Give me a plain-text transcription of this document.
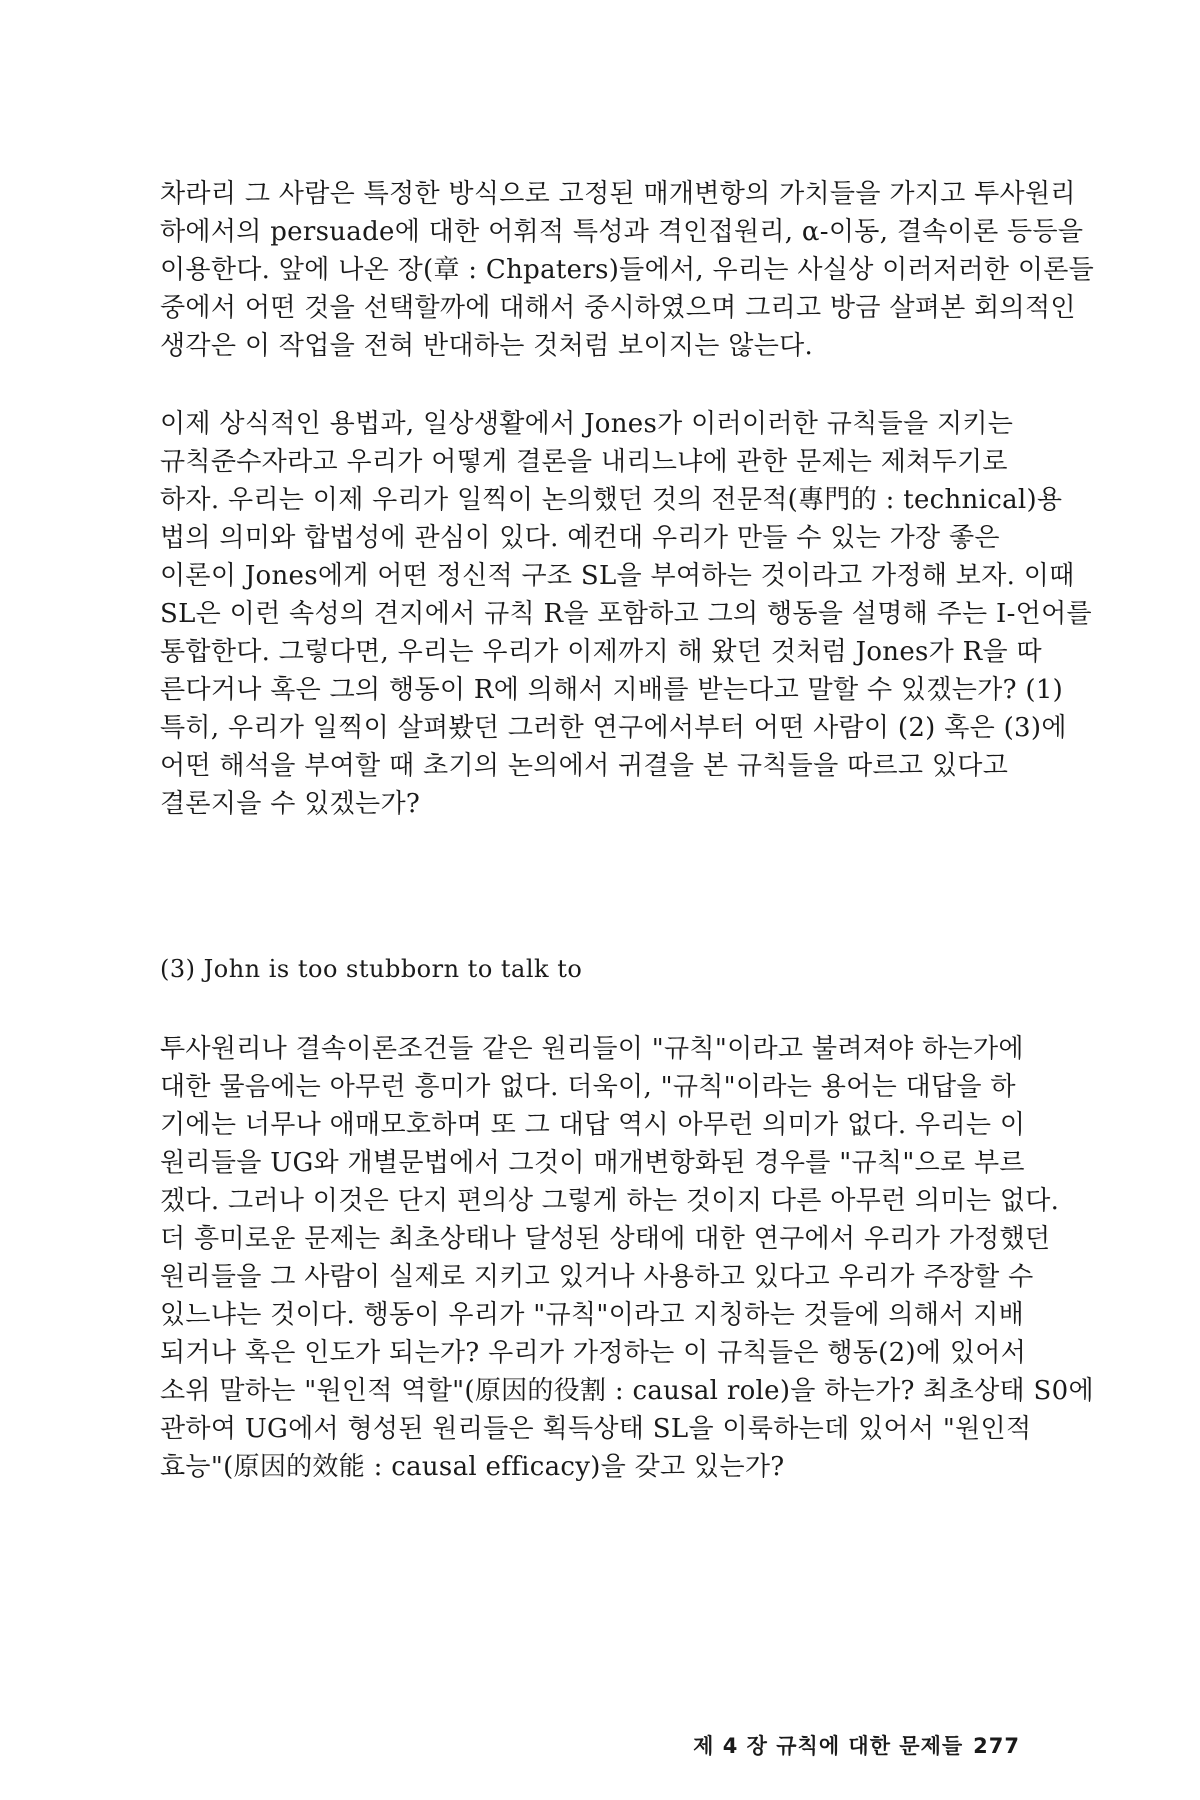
차라리 그 사람은 특정한 방식으로 고정된 매개변항의 가치들을 가지고 투사원리
하에서의 persuade에 대한 어휘적 특성과 격인접원리, α-이동, 결속이론 등등을
이용한다. 앞에 나온 장(章 : Chpaters)들에서, 우리는 사실상 이러저러한 이론들
중에서 어떤 것을 선택할까에 대해서 중시하였으며 그리고 방금 살펴본 회의적인
생각은 이 작업을 전혀 반대하는 것처럼 보이지는 않는다.
이제 상식적인 용법과, 일상생활에서 Jones가 이러이러한 규칙들을 지키는
규칙준수자라고 우리가 어떻게 결론을 내리느냐에 관한 문제는 제쳐두기로
하자. 우리는 이제 우리가 일찍이 논의했던 것의 전문적(專門的 : technical)용
법의 의미와 합법성에 관심이 있다. 예컨대 우리가 만들 수 있는 가장 좋은
이론이 Jones에게 어떤 정신적 구조 SL을 부여하는 것이라고 가정해 보자. 이때
SL은 이런 속성의 견지에서 규칙 R을 포함하고 그의 행동을 설명해 주는 I-언어를
통합한다. 그렇다면, 우리는 우리가 이제까지 해 왔던 것처럼 Jones가 R을 따
른다거나 혹은 그의 행동이 R에 의해서 지배를 받는다고 말할 수 있겠는가? (1)
특히, 우리가 일찍이 살펴봤던 그러한 연구에서부터 어떤 사람이 (2) 혹은 (3)에
어떤 해석을 부여할 때 초기의 논의에서 귀결을 본 규칙들을 따르고 있다고
결론지을 수 있겠는가?
(3) John is too stubborn to talk to
투사원리나 결속이론조건들 같은 원리들이 "규칙"이라고 불려져야 하는가에
대한 물음에는 아무런 흥미가 없다. 더욱이, "규칙"이라는 용어는 대답을 하
기에는 너무나 애매모호하며 또 그 대답 역시 아무런 의미가 없다. 우리는 이
원리들을 UG와 개별문법에서 그것이 매개변항화된 경우를 "규칙"으로 부르
겠다. 그러나 이것은 단지 편의상 그렇게 하는 것이지 다른 아무런 의미는 없다.
더 흥미로운 문제는 최초상태나 달성된 상태에 대한 연구에서 우리가 가정했던
원리들을 그 사람이 실제로 지키고 있거나 사용하고 있다고 우리가 주장할 수
있느냐는 것이다. 행동이 우리가 "규칙"이라고 지칭하는 것들에 의해서 지배
되거나 혹은 인도가 되는가? 우리가 가정하는 이 규칙들은 행동(2)에 있어서
소위 말하는 "원인적 역할"(原因的役割 : causal role)을 하는가? 최초상태 S0에
관하여 UG에서 형성된 원리들은 획득상태 SL을 이룩하는데 있어서 "원인적
효능"(原因的效能 : causal efficacy)을 갖고 있는가?
제 4 장 규칙에 대한 문제들 277
